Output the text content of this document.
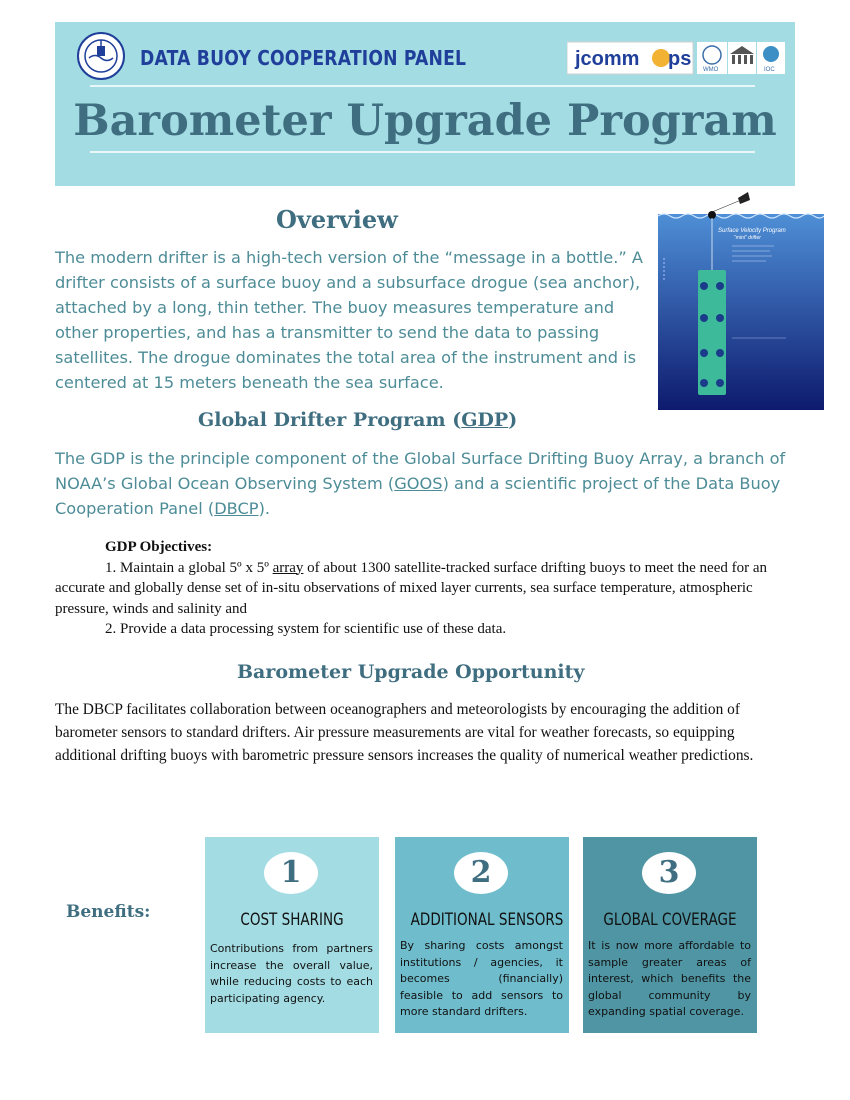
DATA BUOY COOPERATION PANEL	jcomm ps WMO	IOC
Barometer Upgrade Program
Overview
The modern drifter is a high-tech version of the “message in a bottle.” A drifter consists of a surface buoy and a subsurface drogue (sea anchor), attached by a long, thin tether. The buoy measures temperature and other properties, and has a transmitter to send the data to passing satellites. The drogue dominates the total area of the instrument and is centered at 15 meters beneath the sea surface.
Surface Velocity Program
"mini" drifter
Global Drifter Program (GDP)
The GDP is the principle component of the Global Surface Drifting Buoy Array, a branch of NOAA’s Global Ocean Observing System (GOOS) and a scientific project of the Data Buoy Cooperation Panel (DBCP).
GDP Objectives:
1. Maintain a global 5º x 5º array of about 1300 satellite-tracked surface drifting buoys to meet the need for an accurate and globally dense set of in-situ observations of mixed layer currents, sea surface temperature, atmospheric pressure, winds and salinity and
2. Provide a data processing system for scientific use of these data.
Barometer Upgrade Opportunity
The DBCP facilitates collaboration between oceanographers and meteorologists by encouraging the addition of barometer sensors to standard drifters. Air pressure measurements are vital for weather forecasts, so equipping additional drifting buoys with barometric pressure sensors increases the quality of numerical weather predictions.
Benefits:
1
COST SHARING
Contributions from partners increase the overall value, while reducing costs to each participating agency.
2
ADDITIONAL SENSORS
By sharing costs amongst institutions / agencies, it becomes (financially) feasible to add sensors to more standard drifters.
3
GLOBAL COVERAGE
It is now more affordable to sample greater areas of interest, which benefits the global community by expanding spatial coverage.
